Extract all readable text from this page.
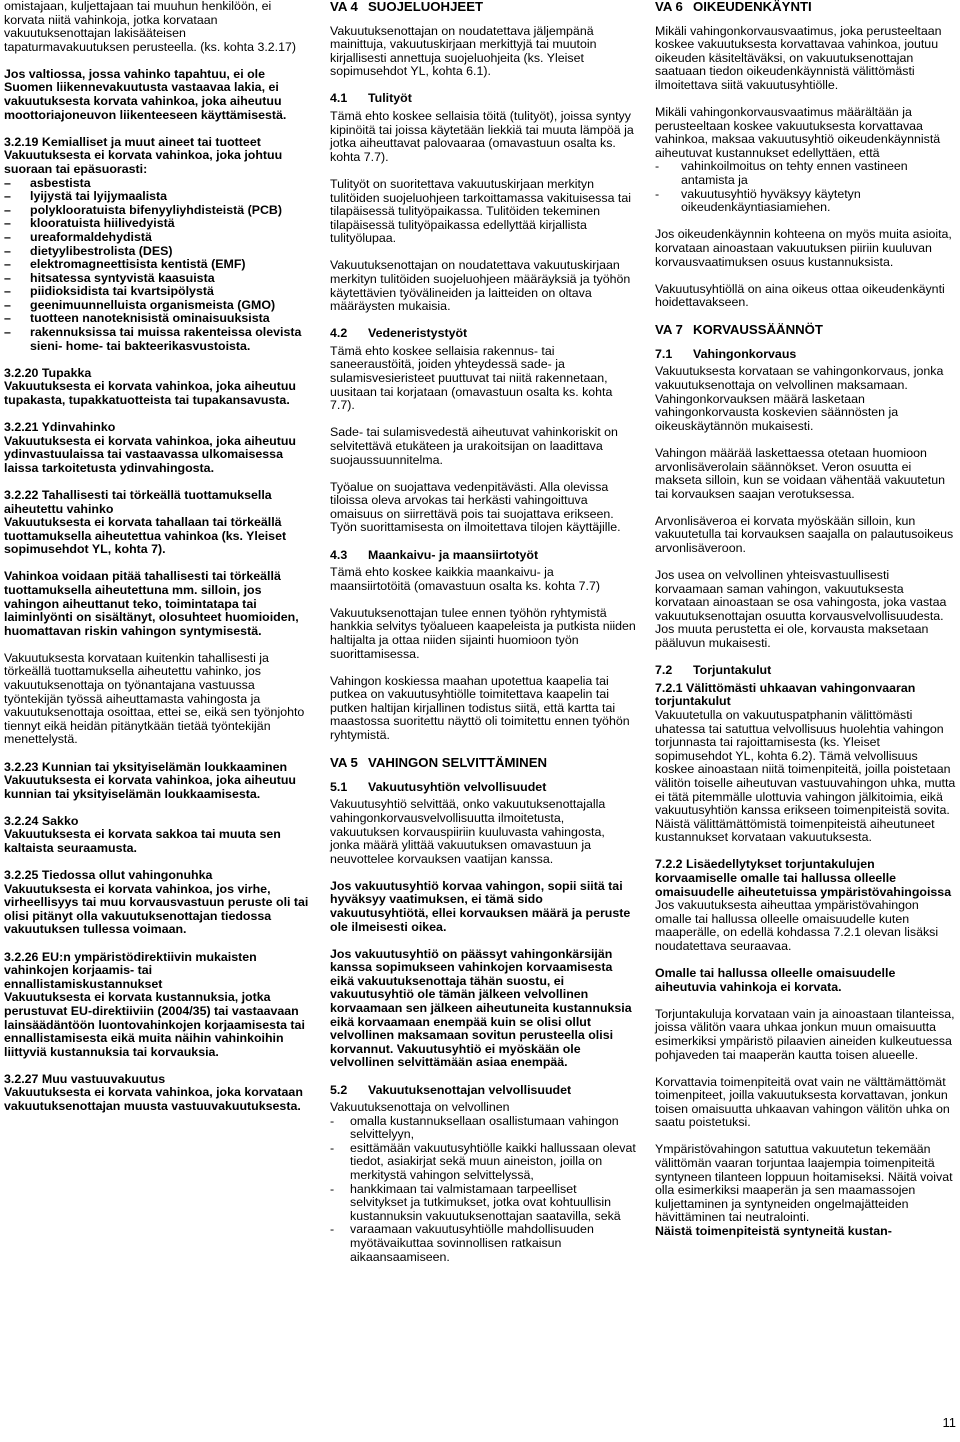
omistajaan, kuljettajaan tai muuhun henkilöön, ei korvata niitä vahinkoja, jotka korvataan vakuutuksenottajan lakisääteisen tapaturmavakuutuksen perusteella. (ks. kohta 3.2.17)

Jos valtiossa, jossa vahinko tapahtuu, ei ole Suomen liikennevakuutusta vastaavaa lakia, ei vakuutuksesta korvata vahinkoa, joka aiheutuu moottoriajoneuvon liikenteeseen käyttämisestä.

3.2.19 Kemialliset ja muut aineet tai tuotteet

Vakuutuksesta ei korvata vahinkoa, joka johtuu suoraan tai epäsuorasti:

– asbestista
– lyijystä tai lyijymaalista
– polyklooratuista bifenyyliyhdisteistä (PCB)
– klooratuista hiilivedyistä
– ureaformaldehydistä
– dietyylibestrolista (DES)
– elektromagneettisista kentistä (EMF)
– hitsatessa syntyvistä kaasuista
– piidioksidista tai kvartsipölystä
– geenimuunnelluista organismeista (GMO)
– tuotteen nanoteknisistä ominaisuuksista
– rakennuksissa tai muissa rakenteissa olevista sieni- home- tai bakteerikasvustoista.

3.2.20 Tupakka

Vakuutuksesta ei korvata vahinkoa, joka aiheutuu tupakasta, tupakkatuotteista tai tupakansavusta.

3.2.21 Ydinvahinko

Vakuutuksesta ei korvata vahinkoa, joka aiheutuu ydinvastuulaissa tai vastaavassa ulkomaisessa laissa tarkoitetusta ydinvahingosta.

3.2.22 Tahallisesti tai törkeällä tuottamuksella aiheutettu vahinko

Vakuutuksesta ei korvata tahallaan tai törkeällä tuottamuksella aiheutettua vahinkoa (ks. Yleiset sopimusehdot YL, kohta 7).

Vahinkoa voidaan pitää tahallisesti tai törkeällä tuottamuksella aiheutettuna mm. silloin, jos vahingon aiheuttanut teko, toimintatapa tai laiminlyönti on sisältänyt, olosuhteet huomioiden, huomattavan riskin vahingon syntymisestä.

Vakuutuksesta korvataan kuitenkin tahallisesti ja törkeällä tuottamuksella aiheutettu vahinko, jos vakuutuksenottaja on työnantajana vastuussa työntekijän työssä aiheuttamasta vahingosta ja vakuutuksenottaja osoittaa, ettei se, eikä sen työnjohto tiennyt eikä heidän pitänytkään tietää työntekijän menettelystä.

3.2.23 Kunnian tai yksityiselämän loukkaaminen

Vakuutuksesta ei korvata vahinkoa, joka aiheutuu kunnian tai yksityiselämän loukkaamisesta.

3.2.24 Sakko

Vakuutuksesta ei korvata sakkoa tai muuta sen kaltaista seuraamusta.

3.2.25 Tiedossa ollut vahingonuhka

Vakuutuksesta ei korvata vahinkoa, jos virhe, virheellisyys tai muu korvausvastuun peruste oli tai olisi pitänyt olla vakuutuksenottajan tiedossa vakuutuksen tullessa voimaan.

3.2.26 EU:n ympäristödirektiivin mukaisten vahinkojen korjaamis- tai ennallistamiskustannukset

Vakuutuksesta ei korvata kustannuksia, jotka perustuvat EU-direktiiviin (2004/35) tai vastaavaan lainsäädäntöön luontovahinkojen korjaamisesta tai ennallistamisesta eikä muita näihin vahinkoihin liittyviä kustannuksia tai korvauksia.

3.2.27 Muu vastuuvakuutus

Vakuutuksesta ei korvata vahinkoa, joka korvataan vakuutuksenottajan muusta vastuuvakuutuksesta.

VA 4 SUOJELUOHJEET

Vakuutuksenottajan on noudatettava jäljempänä mainittuja, vakuutuskirjaan merkittyjä tai muutoin kirjallisesti annettuja suojeluohjeita (ks. Yleiset sopimusehdot YL, kohta 6.1).

4.1 Tulityöt

Tämä ehto koskee sellaisia töitä (tulityöt), joissa syntyy kipinöitä tai joissa käytetään liekkiä tai muuta lämpöä ja jotka aiheuttavat palovaaraa (omavastuun osalta ks. kohta 7.7).

Tulityöt on suoritettava vakuutuskirjaan merkityn tulitöiden suojeluohjeen tarkoittamassa vakituisessa tai tilapäisessä tulityöpaikassa. Tulitöiden tekeminen tilapäisessä tulityöpaikassa edellyttää kirjallista tulityölupaa.

Vakuutuksenottajan on noudatettava vakuutuskirjaan merkityn tulitöiden suojeluohjeen määräyksiä ja työhön käytettävien työvälineiden ja laitteiden on oltava määräysten mukaisia.

4.2 Vedeneristystyöt

Tämä ehto koskee sellaisia rakennus- tai saneeraustöitä, joiden yhteydessä sade- ja sulamisvesieristeet puuttuvat tai niitä rakennetaan, uusitaan tai korjataan (omavastuun osalta ks. kohta 7.7).

Sade- tai sulamisvedestä aiheutuvat vahinkoriskit on selvitettävä etukäteen ja urakoitsijan on laadittava suojaussuunnitelma.

Työalue on suojattava vedenpitävästi. Alla olevissa tiloissa oleva arvokas tai herkästi vahingoittuva omaisuus on siirrettävä pois tai suojattava erikseen. Työn suorittamisesta on ilmoitettava tilojen käyttäjille.

4.3 Maankaivu- ja maansiirtotyöt

Tämä ehto koskee kaikkia maankaivu- ja maansiirtotöitä (omavastuun osalta ks. kohta 7.7)

Vakuutuksenottajan tulee ennen työhön ryhtymistä hankkia selvitys työalueen kaapeleista ja putkista niiden haltijalta ja ottaa niiden sijainti huomioon työn suorittamisessa.

Vahingon koskiessa maahan upotettua kaapelia tai putkea on vakuutusyhtiölle toimitettava kaapelin tai putken haltijan kirjallinen todistus siitä, että kartta tai maastossa suoritettu näyttö oli toimitettu ennen työhön ryhtymistä.

VA 5 VAHINGON SELVITTÄMINEN

5.1 Vakuutusyhtiön velvollisuudet

Vakuutusyhtiö selvittää, onko vakuutuksenottajalla vahingonkorvausvelvollisuutta ilmoitetusta, vakuutuksen korvauspiiriin kuuluvasta vahingosta, jonka määrä ylittää vakuutuksen omavastuun ja neuvottelee korvauksen vaatijan kanssa.

Jos vakuutusyhtiö korvaa vahingon, sopii siitä tai hyväksyy vaatimuksen, ei tämä sido vakuutusyhtiötä, ellei korvauksen määrä ja peruste ole ilmeisesti oikea.

Jos vakuutusyhtiö on päässyt vahingonkärsijän kanssa sopimukseen vahinkojen korvaamisesta eikä vakuutuksenottaja tähän suostu, ei vakuutusyhtiö ole tämän jälkeen velvollinen korvaamaan sen jälkeen aiheutuneita kustannuksia eikä korvaamaan enempää kuin se olisi ollut velvollinen maksamaan sovitun perusteella olisi korvannut. Vakuutusyhtiö ei myöskään ole velvollinen selvittämään asiaa enempää.

5.2 Vakuutuksenottajan velvollisuudet

Vakuutuksenottaja on velvollinen

- omalla kustannuksellaan osallistumaan vahingon selvittelyyn,
- esittämään vakuutusyhtiölle kaikki hallussaan olevat tiedot, asiakirjat sekä muun aineiston, joilla on merkitystä vahingon selvittelyssä,
- hankkimaan tai valmistamaan tarpeelliset selvitykset ja tutkimukset, jotka ovat kohtuullisin kustannuksin vakuutuksenottajan saatavilla, sekä
- varaamaan vakuutusyhtiölle mahdollisuuden myötävaikuttaa sovinnollisen ratkaisun aikaansaamiseen.

VA 6 OIKEUDENKÄYNTI

Mikäli vahingonkorvausvaatimus, joka perusteeltaan koskee vakuutuksesta korvattavaa vahinkoa, joutuu oikeuden käsiteltäväksi, on vakuutuksenottajan saatuaan tiedon oikeudenkäynnistä välittömästi ilmoitettava siitä vakuutusyhtiölle.

Mikäli vahingonkorvausvaatimus määrältään ja perusteeltaan koskee vakuutuksesta korvattavaa vahinkoa, maksaa vakuutusyhtiö oikeudenkäynnistä aiheutuvat kustannukset edellyttäen, että

- vahinkoilmoitus on tehty ennen vastineen antamista ja
- vakuutusyhtiö hyväksyy käytetyn oikeudenkäyntiasiamiehen.

Jos oikeudenkäynnin kohteena on myös muita asioita, korvataan ainoastaan vakuutuksen piiriin kuuluvan korvausvaatimuksen osuus kustannuksista.

Vakuutusyhtiöllä on aina oikeus ottaa oikeudenkäynti hoidettavakseen.

VA 7 KORVAUSSÄÄNNÖT

7.1 Vahingonkorvaus

Vakuutuksesta korvataan se vahingonkorvaus, jonka vakuutuksenottaja on velvollinen maksamaan. Vahingonkorvauksen määrä lasketaan vahingonkorvausta koskevien säännösten ja oikeuskäytännön mukaisesti.

Vahingon määrää laskettaessa otetaan huomioon arvonlisäverolain säännökset. Veron osuutta ei makseta silloin, kun se voidaan vähentää vakuutetun tai korvauksen saajan verotuksessa.

Arvonlisäveroa ei korvata myöskään silloin, kun vakuutetulla tai korvauksen saajalla on palautusoikeus arvonlisäveroon.

Jos usea on velvollinen yhteisvastuullisesti korvaamaan saman vahingon, vakuutuksesta korvataan ainoastaan se osa vahingosta, joka vastaa vakuutuksenottajan osuutta korvausvelvollisuudesta. Jos muuta perustetta ei ole, korvausta maksetaan pääluvun mukaisesti.

7.2 Torjuntakulut

7.2.1 Välittömästi uhkaavan vahingonvaaran torjuntakulut

Vakuutetulla on vakuutuspatphanin välittömästi uhatessa tai satuttua velvollisuus huolehtia vahingon torjunnasta tai rajoittamisesta (ks. Yleiset sopimusehdot YL, kohta 6.2). Tämä velvollisuus koskee ainoastaan niitä toimenpiteitä, joilla poistetaan välitön toiselle aiheutuvan vastuuvahingon uhka, mutta ei tätä pitemmälle ulottuvia vahingon jälkitoimia, eikä vakuutusyhtiön kanssa erikseen toimenpiteistä sovita. Näistä välittämättömistä toimenpiteistä aiheutuneet kustannukset korvataan vakuutuksesta.

7.2.2 Lisäedellytykset torjuntakulujen korvaamiselle omalle tai hallussa olleelle omaisuudelle aiheutetuissa ympäristövahingoissa

Jos vakuutuksesta aiheuttaa ympäristövahingon omalle tai hallussa olleelle omaisuudelle kuten maaperälle, on edellä kohdassa 7.2.1 olevan lisäksi noudatettava seuraavaa.

Omalle tai hallussa olleelle omaisuudelle aiheutuvia vahinkoja ei korvata.

Torjuntakuluja korvataan vain ja ainoastaan tilanteissa, joissa välitön vaara uhkaa jonkun muun omaisuutta esimerkiksi ympäristö pilaavien aineiden kulkeutuessa pohjaveden tai maaperän kautta toisen alueelle.

Korvattavia toimenpiteitä ovat vain ne välttämättömät toimenpiteet, joilla vakuutuksesta korvattavan, jonkun toisen omaisuutta uhkaavan vahingon välitön uhka on saatu poistetuksi.

Ympäristövahingon satuttua vakuutetun tekemään välittömän vaaran torjuntaa laajempia toimenpiteitä syntyneen tilanteen loppuun hoitamiseksi. Näitä voivat olla esimerkiksi maaperän ja sen maamassojen kuljettaminen ja syntyneiden ongelmajätteiden hävittäminen tai neutralointi.

Näistä toimenpiteistä syntyneitä kustan-

11
